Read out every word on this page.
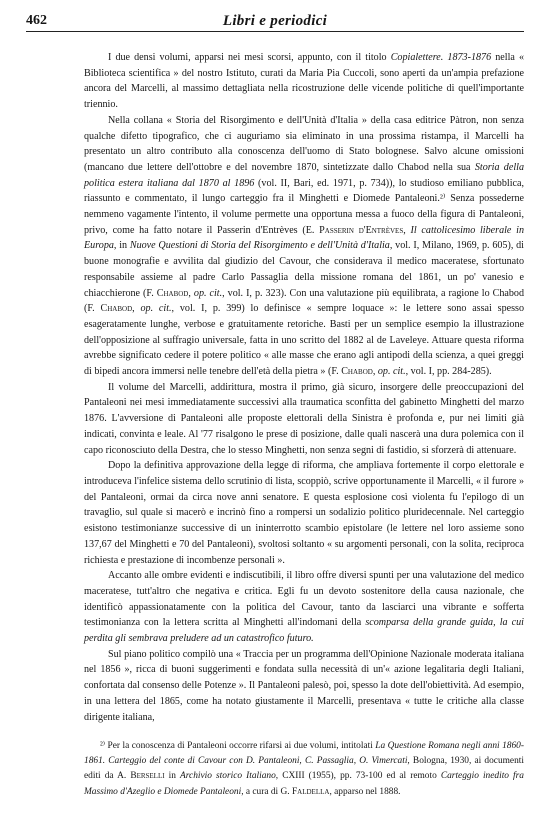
462	Libri e periodici

I due densi volumi, apparsi nei mesi scorsi, appunto, con il titolo Copialettere. 1873-1876 nella « Biblioteca scientifica » del nostro Istituto, curati da Maria Pia Cuccoli, sono aperti da un'ampia prefazione ancora del Marcelli, al massimo dettagliata nella ricostruzione delle vicende politiche di quell'importante triennio.

Nella collana « Storia del Risorgimento e dell'Unità d'Italia » della casa editrice Pàtron, non senza qualche difetto tipografico, che ci auguriamo sia eliminato in una prossima ristampa, il Marcelli ha presentato un altro contributo alla conoscenza dell'uomo di Stato bolognese. Salvo alcune omissioni (mancano due lettere dell'ottobre e del novembre 1870, sintetizzate dallo Chabod nella sua Storia della politica estera italiana dal 1870 al 1896 (vol. II, Bari, ed. 1971, p. 734)), lo studioso emiliano pubblica, riassunto e commentato, il lungo carteggio fra il Minghetti e Diomede Pantaleoni.²⁾ Senza possederne nemmeno vagamente l'intento, il volume permette una opportuna messa a fuoco della figura di Pantaleoni, privo, come ha fatto notare il Passerin d'Entrèves (E. Passerin d'Entrèves, Il cattolicesimo liberale in Europa, in Nuove Questioni di Storia del Risorgimento e dell'Unità d'Italia, vol. I, Milano, 1969, p. 605), di buone monografie e avvilita dal giudizio del Cavour, che considerava il medico maceratese, sfortunato responsabile assieme al padre Carlo Passaglia della missione romana del 1861, un po' vanesio e chiacchierone (F. Chabod, op. cit., vol. I, p. 323). Con una valutazione più equilibrata, a ragione lo Chabod (F. Chabod, op. cit., vol. I, p. 399) lo definisce « sempre loquace »: le lettere sono assai spesso esageratamente lunghe, verbose e gratuitamente retoriche. Basti per un semplice esempio la illustrazione dell'opposizione al suffragio universale, fatta in uno scritto del 1882 al de Laveleye. Attuare questa riforma avrebbe significato cedere il potere politico « alle masse che erano agli antipodi della scienza, a quei greggi di bipedi ancora immersi nelle tenebre dell'età della pietra » (F. Chabod, op. cit., vol. I, pp. 284-285).

Il volume del Marcelli, addirittura, mostra il primo, già sicuro, insorgere delle preoccupazioni del Pantaleoni nei mesi immediatamente successivi alla traumatica sconfitta del gabinetto Minghetti del marzo 1876. L'avversione di Pantaleoni alle proposte elettorali della Sinistra è profonda e, pur nei limiti già indicati, convinta e leale. Al '77 risalgono le prese di posizione, dalle quali nascerà una dura polemica con il capo riconosciuto della Destra, che lo stesso Minghetti, non senza segni di fastidio, si sforzerà di attenuare.

Dopo la definitiva approvazione della legge di riforma, che ampliava fortemente il corpo elettorale e introduceva l'infelice sistema dello scrutinio di lista, scoppiò, scrive opportunamente il Marcelli, « il furore » del Pantaleoni, ormai da circa nove anni senatore. E questa esplosione così violenta fu l'epilogo di un travaglio, sul quale si macerò e incrinò fino a rompersi un sodalizio politico pluridecennale. Nel carteggio esistono testimonianze successive di un ininterrotto scambio epistolare (le lettere nel loro assieme sono 137,67 del Minghetti e 70 del Pantaleoni), svoltosi soltanto « su argomenti personali, con la solita, reciproca richiesta e prestazione di incombenze personali ».

Accanto alle ombre evidenti e indiscutibili, il libro offre diversi spunti per una valutazione del medico maceratese, tutt'altro che negativa e critica. Egli fu un devoto sostenitore della causa nazionale, che identificò appassionatamente con la politica del Cavour, tanto da lasciarci una vibrante e sofferta testimonianza con la lettera scritta al Minghetti all'indomani della scomparsa della grande guida, la cui perdita gli sembrava preludere ad un catastrofico futuro.

Sul piano politico compilò una « Traccia per un programma dell'Opinione Nazionale moderata italiana nel 1856 », ricca di buoni suggerimenti e fondata sulla necessità di un'« azione legalitaria degli Italiani, confortata dal consenso delle Potenze ». Il Pantaleoni palesò, poi, spesso la dote dell'obiettività. Ad esempio, in una lettera del 1865, come ha notato giustamente il Marcelli, presentava « tutte le critiche alla classe dirigente italiana,

²⁾ Per la conoscenza di Pantaleoni occorre rifarsi ai due volumi, intitolati La Questione Romana negli anni 1860-1861. Carteggio del conte di Cavour con D. Pantaleoni, C. Passaglia, O. Vimercati, Bologna, 1930, ai documenti editi da A. Berselli in Archivio storico Italiano, CXIII (1955), pp. 73-100 ed al remoto Carteggio inedito fra Massimo d'Azeglio e Diomede Pantaleoni, a cura di G. Faldella, apparso nel 1888.
